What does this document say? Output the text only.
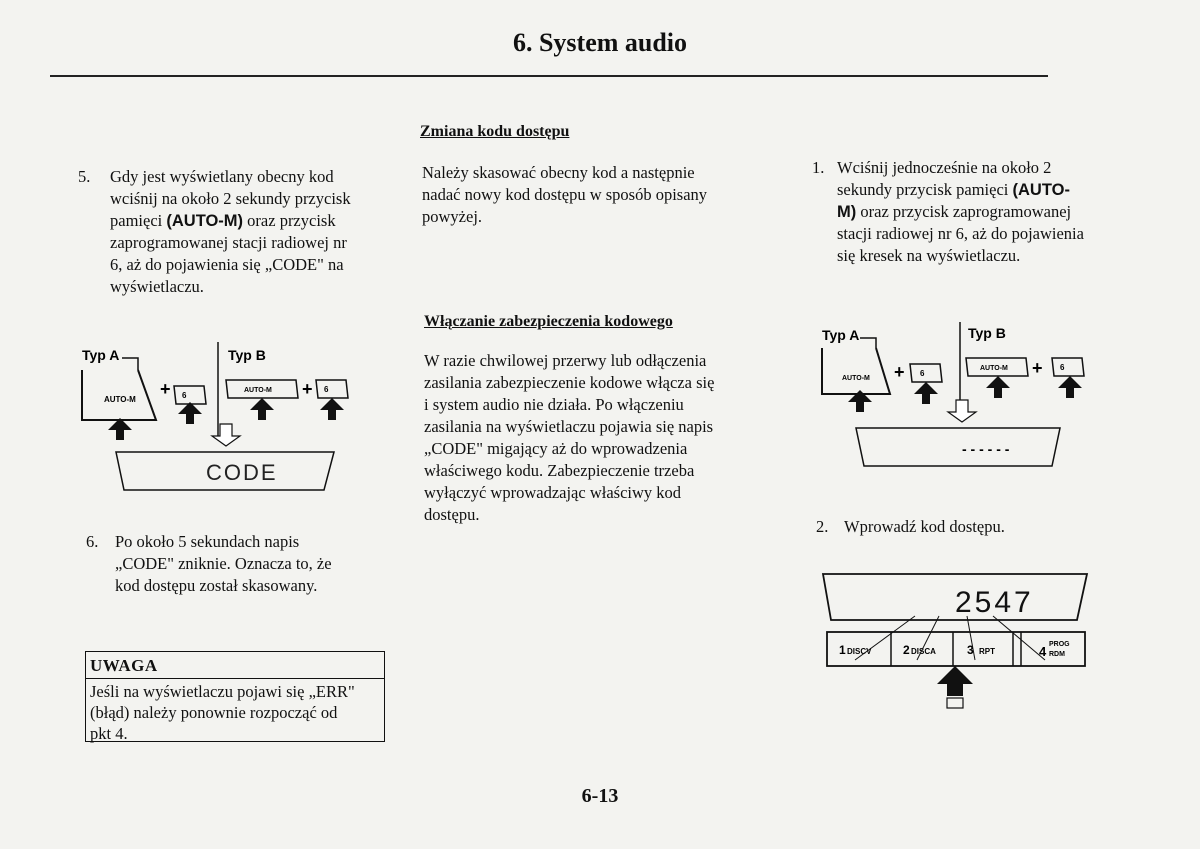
6. System audio
5. Gdy jest wyświetlany obecny kod
wciśnij na około 2 sekundy przycisk
pamięci (AUTO-M) oraz przycisk
zaprogramowanej stacji radiowej nr
6, aż do pojawienia się „CODE" na
wyświetlaczu.
Typ A	Typ B
AUTO-M
+ 6
AUTO-M + 6
CODE
6. Po około 5 sekundach napis
„CODE" zniknie. Oznacza to, że
kod dostępu został skasowany.
UWAGA
Jeśli na wyświetlaczu pojawi się „ERR"
(błąd) należy ponownie rozpocząć od
pkt 4.
Zmiana kodu dostępu
Należy skasować obecny kod a następnie
nadać nowy kod dostępu w sposób opisany
powyżej.
Włączanie zabezpieczenia kodowego
W razie chwilowej przerwy lub odłączenia
zasilania zabezpieczenie kodowe włącza się
i system audio nie działa. Po włączeniu
zasilania na wyświetlaczu pojawia się napis
„CODE" migający aż do wprowadzenia
właściwego kodu. Zabezpieczenie trzeba
wyłączyć wprowadzając właściwy kod
dostępu.
1. Wciśnij jednocześnie na około 2
sekundy przycisk pamięci (AUTO-
M) oraz przycisk zaprogramowanej
stacji radiowej nr 6, aż do pojawienia
się kresek na wyświetlaczu.
Typ A	Typ B
AUTO-M + 6
AUTO-M + 6
- - - - - -
2. Wprowadź kod dostępu.
2547
1 DISCV	2 DISCA	3 RPT	4 PROG
RDM
6-13
